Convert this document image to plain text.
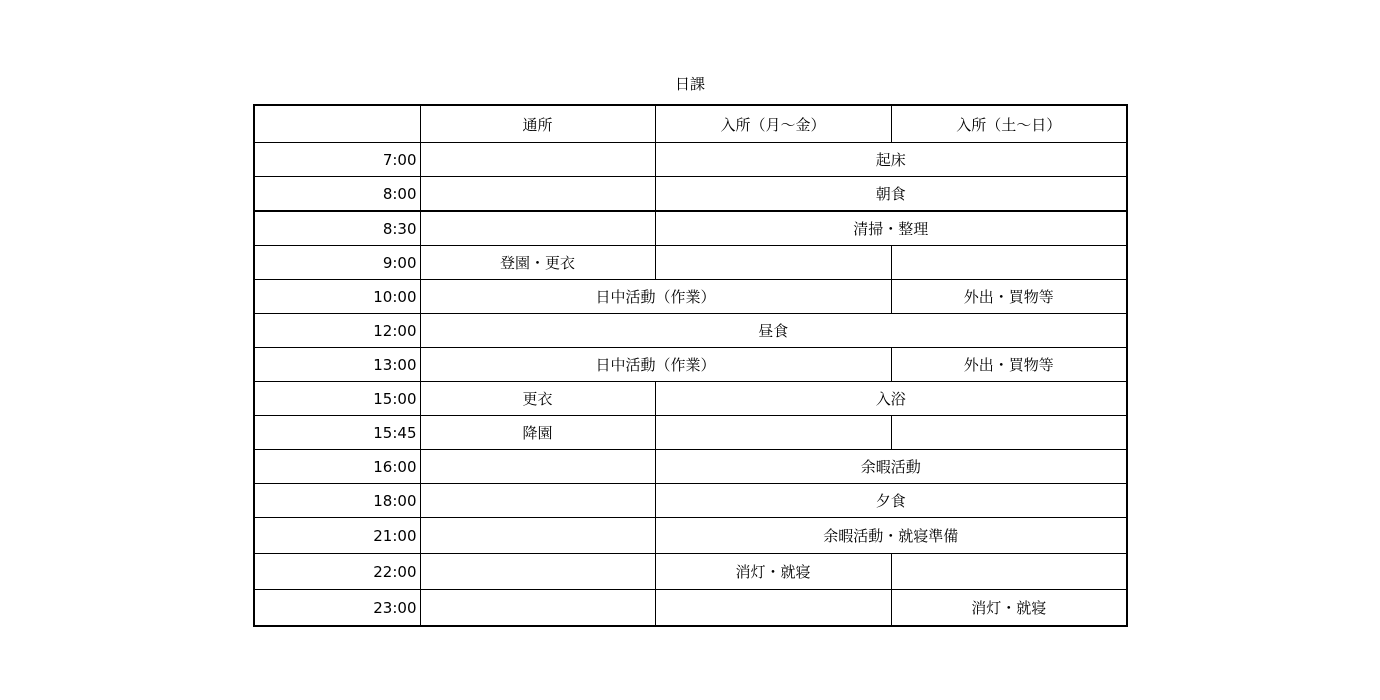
日課
	通所	入所（月～金）	入所（土～日）
7:00		起床	
8:00		朝食	
8:30		清掃・整理	
9:00	登園・更衣		
10:00	日中活動（作業）		外出・買物等
12:00	昼食		
13:00	日中活動（作業）		外出・買物等
15:00	更衣	入浴	
15:45	降園		
16:00		余暇活動	
18:00		夕食	
21:00		余暇活動・就寝準備	
22:00		消灯・就寝	
23:00			消灯・就寝
